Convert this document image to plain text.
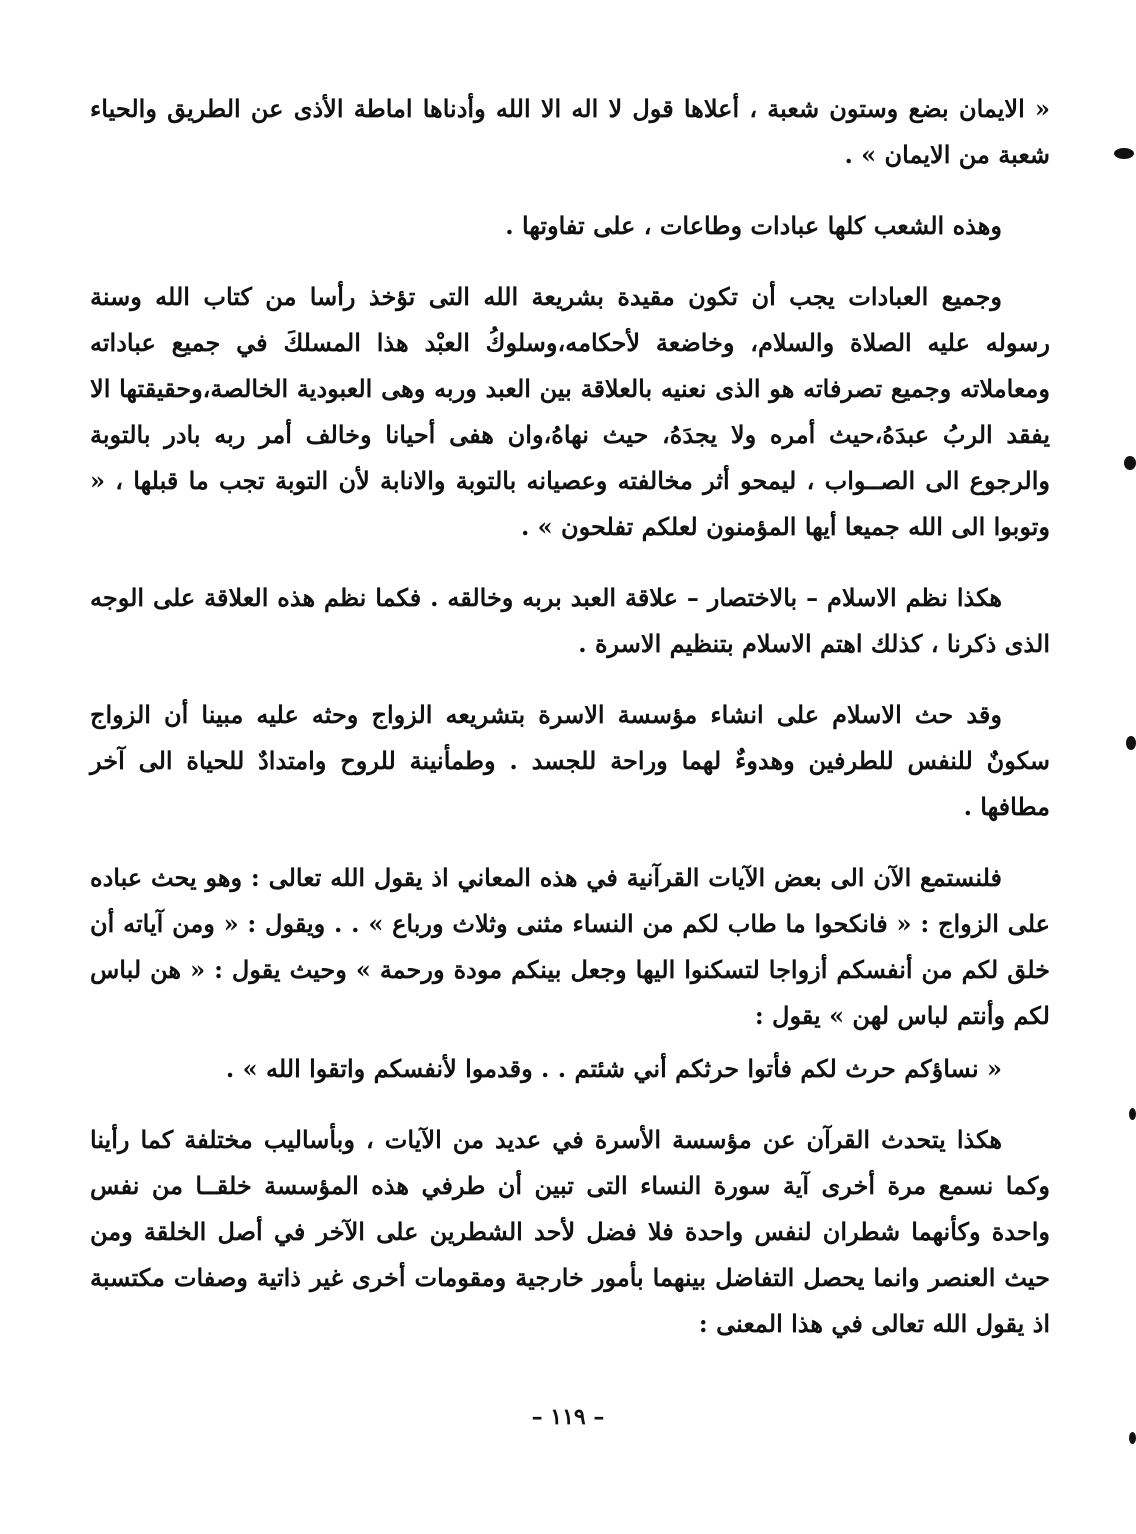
« الايمان بضع وستون شعبة ، أعلاها قول لا اله الا الله وأدناها اماطة الأذى عن الطريق والحياء شعبة من الايمان » .

وهذه الشعب كلها عبادات وطاعات ، على تفاوتها .

وجميع العبادات يجب أن تكون مقيدة بشريعة الله التى تؤخذ رأسا من كتاب الله وسنة رسوله عليه الصلاة والسلام، وخاضعة لأحكامه،وسلوكُ العبْد هذا المسلكَ في جميع عباداته ومعاملاته وجميع تصرفاته هو الذى نعنيه بالعلاقة بين العبد وربه وهى العبودية الخالصة،وحقيقتها الا يفقد الربُ عبدَهُ،حيث أمره ولا يجدَهُ، حيث نهاهُ،وان هفى أحيانا وخالف أمر ربه بادر بالتوبة والرجوع الى الصــواب ، ليمحو أثر مخالفته وعصيانه بالتوبة والانابة لأن التوبة تجب ما قبلها ، « وتوبوا الى الله جميعا أيها المؤمنون لعلكم تفلحون » .

هكذا نظم الاسلام – بالاختصار – علاقة العبد بربه وخالقه . فكما نظم هذه العلاقة على الوجه الذى ذكرنا ، كذلك اهتم الاسلام بتنظيم الاسرة .

وقد حث الاسلام على انشاء مؤسسة الاسرة بتشريعه الزواج وحثه عليه مبينا أن الزواج سكونٌ للنفس للطرفين وهدوءٌ لهما وراحة للجسد . وطمأنينة للروح وامتدادٌ للحياة الى آخر مطافها .

فلنستمع الآن الى بعض الآيات القرآنية في هذه المعاني اذ يقول الله تعالى : وهو يحث عباده على الزواج : « فانكحوا ما طاب لكم من النساء مثنى وثلاث ورباع » . . ويقول : « ومن آياته أن خلق لكم من أنفسكم أزواجا لتسكنوا اليها وجعل بينكم مودة ورحمة » وحيث يقول : « هن لباس لكم وأنتم لباس لهن » يقول :

« نساؤكم حرث لكم فأتوا حرثكم أني شئتم . . وقدموا لأنفسكم واتقوا الله » .

هكذا يتحدث القرآن عن مؤسسة الأسرة في عديد من الآيات ، وبأساليب مختلفة كما رأينا وكما نسمع مرة أخرى آية سورة النساء التى تبين أن طرفي هذه المؤسسة خلقــا من نفس واحدة وكأنهما شطران لنفس واحدة فلا فضل لأحد الشطرين على الآخر في أصل الخلقة ومن حيث العنصر وانما يحصل التفاضل بينهما بأمور خارجية ومقومات أخرى غير ذاتية وصفات مكتسبة اذ يقول الله تعالى في هذا المعنى :

– ١١٩ –
